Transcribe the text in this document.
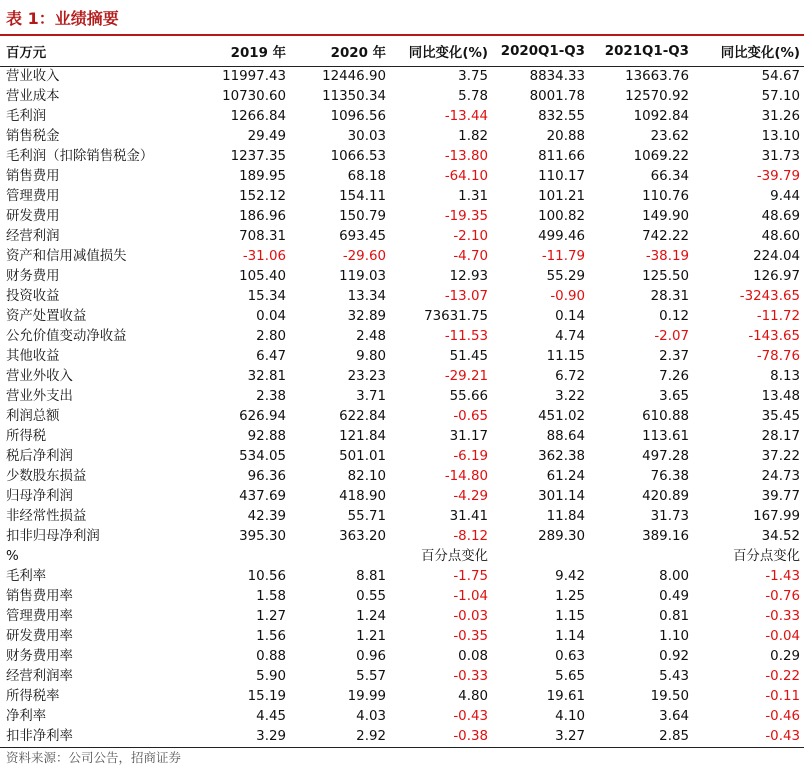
表 1：业绩摘要
百万元	2019 年	2020 年	同比变化(%)	2020Q1-Q3	2021Q1-Q3	同比变化(%)
营业收入	11997.43	12446.90	3.75	8834.33	13663.76	54.67
营业成本	10730.60	11350.34	5.78	8001.78	12570.92	57.10
毛利润	1266.84	1096.56	-13.44	832.55	1092.84	31.26
销售税金	29.49	30.03	1.82	20.88	23.62	13.10
毛利润（扣除销售税金）	1237.35	1066.53	-13.80	811.66	1069.22	31.73
销售费用	189.95	68.18	-64.10	110.17	66.34	-39.79
管理费用	152.12	154.11	1.31	101.21	110.76	9.44
研发费用	186.96	150.79	-19.35	100.82	149.90	48.69
经营利润	708.31	693.45	-2.10	499.46	742.22	48.60
资产和信用减值损失	-31.06	-29.60	-4.70	-11.79	-38.19	224.04
财务费用	105.40	119.03	12.93	55.29	125.50	126.97
投资收益	15.34	13.34	-13.07	-0.90	28.31	-3243.65
资产处置收益	0.04	32.89	73631.75	0.14	0.12	-11.72
公允价值变动净收益	2.80	2.48	-11.53	4.74	-2.07	-143.65
其他收益	6.47	9.80	51.45	11.15	2.37	-78.76
营业外收入	32.81	23.23	-29.21	6.72	7.26	8.13
营业外支出	2.38	3.71	55.66	3.22	3.65	13.48
利润总额	626.94	622.84	-0.65	451.02	610.88	35.45
所得税	92.88	121.84	31.17	88.64	113.61	28.17
税后净利润	534.05	501.01	-6.19	362.38	497.28	37.22
少数股东损益	96.36	82.10	-14.80	61.24	76.38	24.73
归母净利润	437.69	418.90	-4.29	301.14	420.89	39.77
非经常性损益	42.39	55.71	31.41	11.84	31.73	167.99
扣非归母净利润	395.30	363.20	-8.12	289.30	389.16	34.52
%			百分点变化			百分点变化
毛利率	10.56	8.81	-1.75	9.42	8.00	-1.43
销售费用率	1.58	0.55	-1.04	1.25	0.49	-0.76
管理费用率	1.27	1.24	-0.03	1.15	0.81	-0.33
研发费用率	1.56	1.21	-0.35	1.14	1.10	-0.04
财务费用率	0.88	0.96	0.08	0.63	0.92	0.29
经营利润率	5.90	5.57	-0.33	5.65	5.43	-0.22
所得税率	15.19	19.99	4.80	19.61	19.50	-0.11
净利率	4.45	4.03	-0.43	4.10	3.64	-0.46
扣非净利率	3.29	2.92	-0.38	3.27	2.85	-0.43
资料来源：公司公告，招商证券
